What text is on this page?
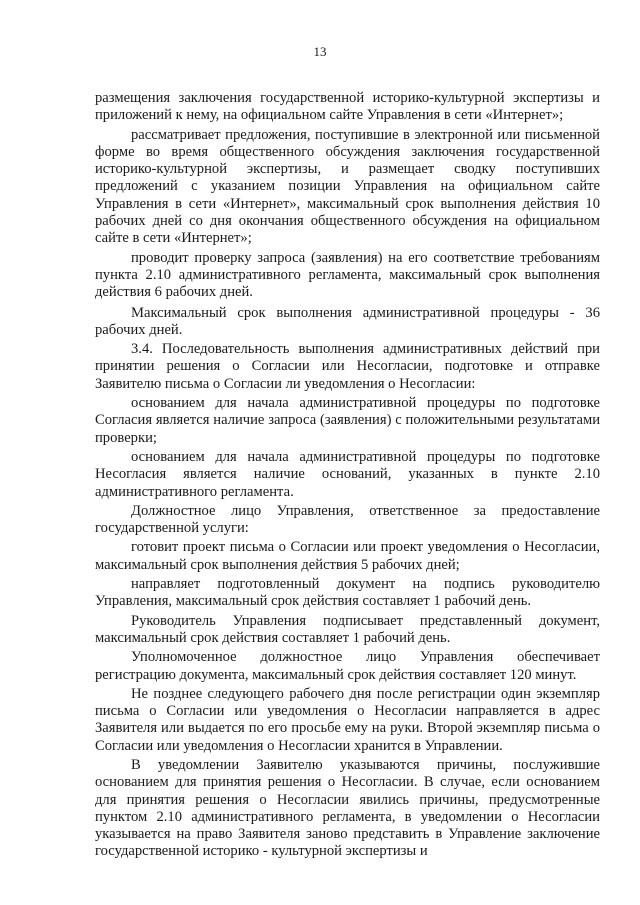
13

размещения заключения государственной историко-культурной экспертизы и приложений к нему, на официальном сайте Управления в сети «Интернет»;

рассматривает предложения, поступившие в электронной или письменной форме во время общественного обсуждения заключения государственной историко-культурной экспертизы, и размещает сводку поступивших предложений с указанием позиции Управления на официальном сайте Управления в сети «Интернет», максимальный срок выполнения действия 10 рабочих дней со дня окончания общественного обсуждения на официальном сайте в сети «Интернет»;

проводит проверку запроса (заявления) на его соответствие требованиям пункта 2.10 административного регламента, максимальный срок выполнения действия 6 рабочих дней.

Максимальный срок выполнения административной процедуры - 36 рабочих дней.

3.4. Последовательность выполнения административных действий при принятии решения о Согласии или Несогласии, подготовке и отправке Заявителю письма о Согласии ли уведомления о Несогласии:

основанием для начала административной процедуры по подготовке Согласия является наличие запроса (заявления) с положительными результатами проверки;

основанием для начала административной процедуры по подготовке Несогласия является наличие оснований, указанных в пункте 2.10 административного регламента.

Должностное лицо Управления, ответственное за предоставление государственной услуги:

готовит проект письма о Согласии или проект уведомления о Несогласии, максимальный срок выполнения действия 5 рабочих дней;

направляет подготовленный документ на подпись руководителю Управления, максимальный срок действия составляет 1 рабочий день.

Руководитель Управления подписывает представленный документ, максимальный срок действия составляет 1 рабочий день.

Уполномоченное должностное лицо Управления обеспечивает регистрацию документа, максимальный срок действия составляет 120 минут.

Не позднее следующего рабочего дня после регистрации один экземпляр письма о Согласии или уведомления о Несогласии направляется в адрес Заявителя или выдается по его просьбе ему на руки. Второй экземпляр письма о Согласии или уведомления о Несогласии хранится в Управлении.

В уведомлении Заявителю указываются причины, послужившие основанием для принятия решения о Несогласии. В случае, если основанием для принятия решения о Несогласии явились причины, предусмотренные пунктом 2.10 административного регламента, в уведомлении о Несогласии указывается на право Заявителя заново представить в Управление заключение государственной историко - культурной экспертизы и
